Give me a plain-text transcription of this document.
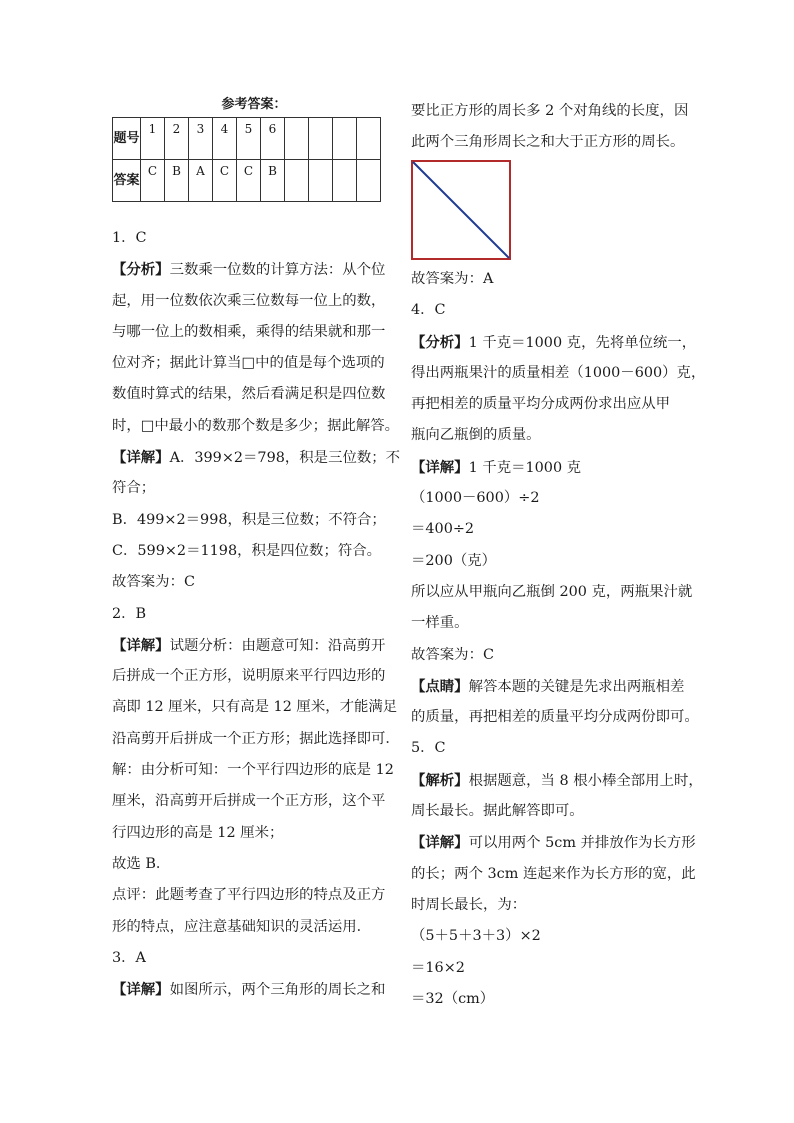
参考答案：
题号	1	2	3	4	5	6				
答案	C	B	A	C	C	B				
1．C
【分析】三数乘一位数的计算方法：从个位
起，用一位数依次乘三位数每一位上的数，
与哪一位上的数相乘，乘得的结果就和那一
位对齐；据此计算当□中的值是每个选项的
数值时算式的结果，然后看满足积是四位数
时，□中最小的数那个数是多少；据此解答。
【详解】A．399×2＝798，积是三位数；不
符合；
B．499×2＝998，积是三位数；不符合；
C．599×2＝1198，积是四位数；符合。
故答案为：C
2．B
【详解】试题分析：由题意可知：沿高剪开
后拼成一个正方形，说明原来平行四边形的
高即 12 厘米，只有高是 12 厘米，才能满足
沿高剪开后拼成一个正方形；据此选择即可．
解：由分析可知：一个平行四边形的底是 12
厘米，沿高剪开后拼成一个正方形，这个平
行四边形的高是 12 厘米；
故选 B．
点评：此题考查了平行四边形的特点及正方
形的特点，应注意基础知识的灵活运用．
3．A
【详解】如图所示，两个三角形的周长之和
要比正方形的周长多 2 个对角线的长度，因
此两个三角形周长之和大于正方形的周长。
故答案为：A
4．C
【分析】1 千克＝1000 克，先将单位统一，
得出两瓶果汁的质量相差（1000－600）克，
再把相差的质量平均分成两份求出应从甲
瓶向乙瓶倒的质量。
【详解】1 千克＝1000 克
（1000－600）÷2
＝400÷2
＝200（克）
所以应从甲瓶向乙瓶倒 200 克，两瓶果汁就
一样重。
故答案为：C
【点睛】解答本题的关键是先求出两瓶相差
的质量，再把相差的质量平均分成两份即可。
5．C
【解析】根据题意，当 8 根小棒全部用上时，
周长最长。据此解答即可。
【详解】可以用两个 5cm 并排放作为长方形
的长；两个 3cm 连起来作为长方形的宽，此
时周长最长，为：
（5＋5＋3＋3）×2
＝16×2
＝32（cm）
